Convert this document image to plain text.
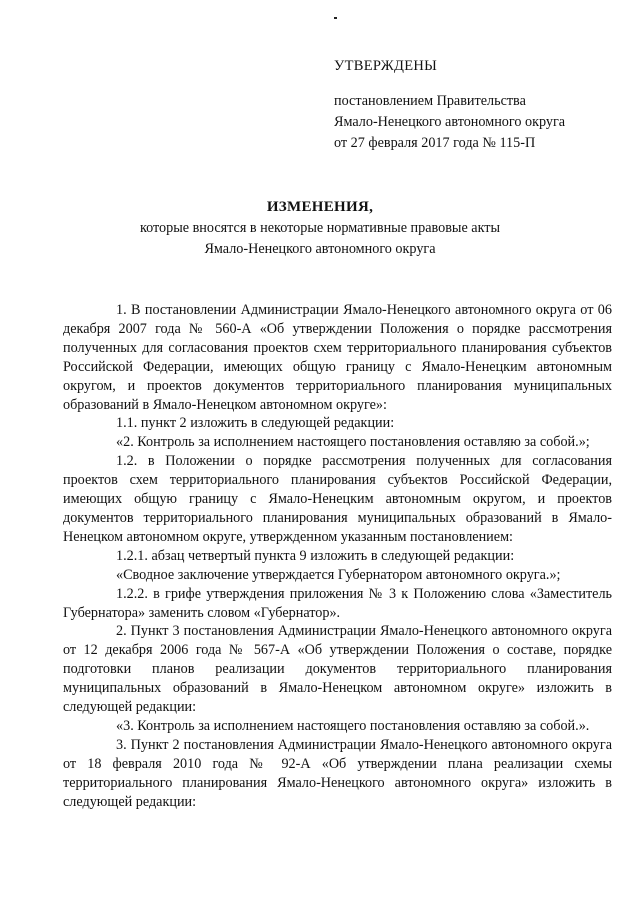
УТВЕРЖДЕНЫ
постановлением Правительства
Ямало-Ненецкого автономного округа
от 27 февраля 2017 года № 115-П
ИЗМЕНЕНИЯ,
которые вносятся в некоторые нормативные правовые акты
Ямало-Ненецкого автономного округа

1. В постановлении Администрации Ямало-Ненецкого автономного округа от 06 декабря 2007 года № 560-А «Об утверждении Положения о порядке рассмотрения полученных для согласования проектов схем территориального планирования субъектов Российской Федерации, имеющих общую границу с Ямало-Ненецким автономным округом, и проектов документов территориального планирования муниципальных образований в Ямало-Ненецком автономном округе»:

1.1. пункт 2 изложить в следующей редакции:

«2. Контроль за исполнением настоящего постановления оставляю за собой.»;

1.2. в Положении о порядке рассмотрения полученных для согласования проектов схем территориального планирования субъектов Российской Федерации, имеющих общую границу с Ямало-Ненецким автономным округом, и проектов документов территориального планирования муниципальных образований в Ямало-Ненецком автономном округе, утвержденном указанным постановлением:

1.2.1. абзац четвертый пункта 9 изложить в следующей редакции:

«Сводное заключение утверждается Губернатором автономного округа.»;

1.2.2. в грифе утверждения приложения № 3 к Положению слова «Заместитель Губернатора» заменить словом «Губернатор».

2. Пункт 3 постановления Администрации Ямало-Ненецкого автономного округа от 12 декабря 2006 года № 567-А «Об утверждении Положения о составе, порядке подготовки планов реализации документов территориального планирования муниципальных образований в Ямало-Ненецком автономном округе» изложить в следующей редакции:

«3. Контроль за исполнением настоящего постановления оставляю за собой.».

3. Пункт 2 постановления Администрации Ямало-Ненецкого автономного округа от 18 февраля 2010 года № 92-А «Об утверждении плана реализации схемы территориального планирования Ямало-Ненецкого автономного округа» изложить в следующей редакции:
